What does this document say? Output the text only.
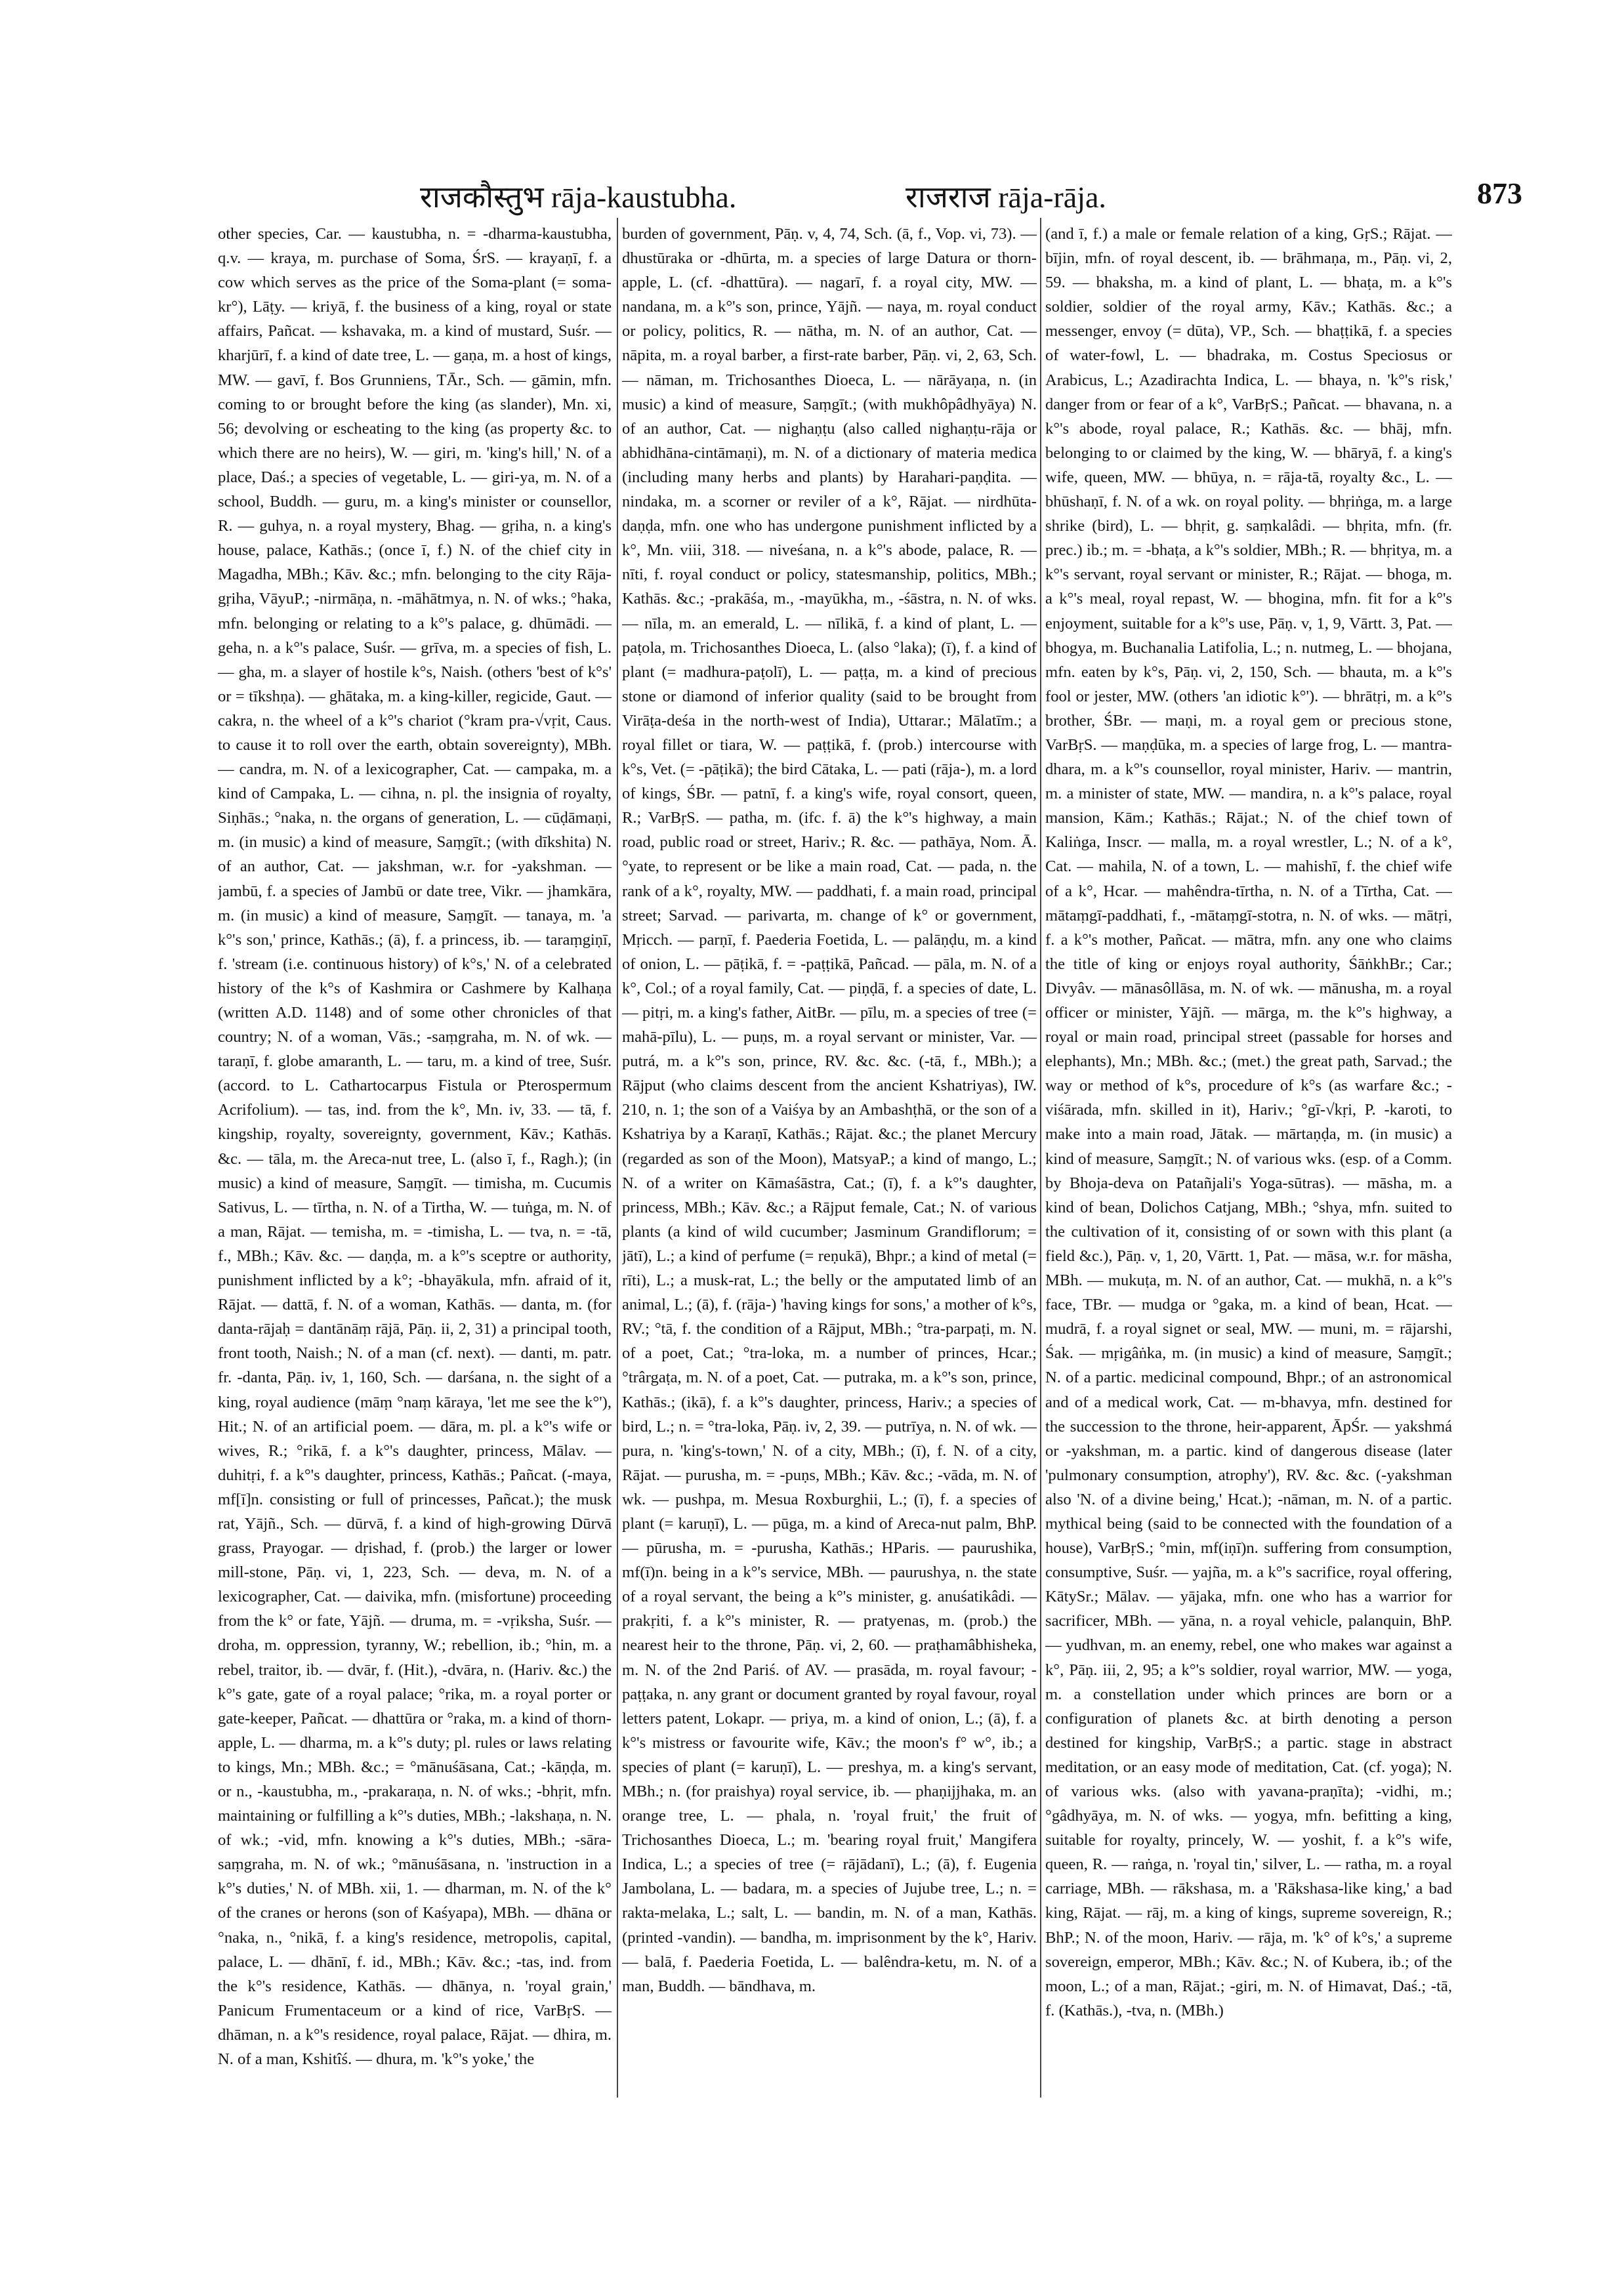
राजकौस्तुभ rāja-kaustubha.	राजराज rāja-rāja.	873
other species, Car. — kaustubha, n. = -dharma-kaustubha, q.v. — kraya, m. purchase of Soma, ŚrS. — krayaṇī, f. a cow which serves as the price of the Soma-plant (= soma-kr°), Lāṭy. — kriyā, f. the business of a king, royal or state affairs, Pañcat. — kshavaka, m. a kind of mustard, Suśr. — kharjūrī, f. a kind of date tree, L. — gaṇa, m. a host of kings, MW. — gavī, f. Bos Grunniens, TĀr., Sch. — gāmin, mfn. coming to or brought before the king (as slander), Mn. xi, 56; devolving or escheating to the king (as property &c. to which there are no heirs), W. — giri, m. 'king's hill,' N. of a place, Daś.; a species of vegetable, L. — giri-ya, m. N. of a school, Buddh. — guru, m. a king's minister or counsellor, R. — guhya, n. a royal mystery, Bhag. — gṛiha, n. a king's house, palace, Kathās.; (once ī, f.) N. of the chief city in Magadha, MBh.; Kāv. &c.; mfn. belonging to the city Rāja-gṛiha, VāyuP.; -nirmāṇa, n. -māhātmya, n. N. of wks.; °haka, mfn. belonging or relating to a k°'s palace, g. dhūmādi. — geha, n. a k°'s palace, Suśr. — grīva, m. a species of fish, L. — gha, m. a slayer of hostile k°s, Naish. (others 'best of k°s' or = tīkshṇa). — ghātaka, m. a king-killer, regicide, Gaut. — cakra, n. the wheel of a k°'s chariot (°kram pra-√vṛit, Caus. to cause it to roll over the earth, obtain sovereignty), MBh. — candra, m. N. of a lexicographer, Cat. — campaka, m. a kind of Campaka, L. — cihna, n. pl. the insignia of royalty, Siṇhās.; °naka, n. the organs of generation, L. — cūḍāmaṇi, m. (in music) a kind of measure, Saṃgīt.; (with dīkshita) N. of an author, Cat. — jakshman, w.r. for -yakshman. — jambū, f. a species of Jambū or date tree, Vikr. — jhamkāra, m. (in music) a kind of measure, Saṃgīt. — tanaya, m. 'a k°'s son,' prince, Kathās.; (ā), f. a princess, ib. — taraṃgiṇī, f. 'stream (i.e. continuous history) of k°s,' N. of a celebrated history of the k°s of Kashmira or Cashmere by Kalhaṇa (written A.D. 1148) and of some other chronicles of that country; N. of a woman, Vās.; -saṃgraha, m. N. of wk. — taraṇī, f. globe amaranth, L. — taru, m. a kind of tree, Suśr. (accord. to L. Cathartocarpus Fistula or Pterospermum Acrifolium). — tas, ind. from the k°, Mn. iv, 33. — tā, f. kingship, royalty, sovereignty, government, Kāv.; Kathās. &c. — tāla, m. the Areca-nut tree, L. (also ī, f., Ragh.); (in music) a kind of measure, Saṃgīt. — timisha, m. Cucumis Sativus, L. — tīrtha, n. N. of a Tirtha, W. — tuṅga, m. N. of a man, Rājat. — temisha, m. = -timisha, L. — tva, n. = -tā, f., MBh.; Kāv. &c. — daṇḍa, m. a k°'s sceptre or authority, punishment inflicted by a k°; -bhayākula, mfn. afraid of it, Rājat. — dattā, f. N. of a woman, Kathās. — danta, m. (for danta-rājaḥ = dantānāṃ rājā, Pāṇ. ii, 2, 31) a principal tooth, front tooth, Naish.; N. of a man (cf. next). — danti, m. patr. fr. -danta, Pāṇ. iv, 1, 160, Sch. — darśana, n. the sight of a king, royal audience (māṃ °naṃ kāraya, 'let me see the k°'), Hit.; N. of an artificial poem. — dāra, m. pl. a k°'s wife or wives, R.; °rikā, f. a k°'s daughter, princess, Mālav. — duhitṛi, f. a k°'s daughter, princess, Kathās.; Pañcat. (-maya, mf[ī]n. consisting or full of princesses, Pañcat.); the musk rat, Yājñ., Sch. — dūrvā, f. a kind of high-growing Dūrvā grass, Prayogar. — dṛishad, f. (prob.) the larger or lower mill-stone, Pāṇ. vi, 1, 223, Sch. — deva, m. N. of a lexicographer, Cat. — daivika, mfn. (misfortune) proceeding from the k° or fate, Yājñ. — druma, m. = -vṛiksha, Suśr. — droha, m. oppression, tyranny, W.; rebellion, ib.; °hin, m. a rebel, traitor, ib. — dvār, f. (Hit.), -dvāra, n. (Hariv. &c.) the k°'s gate, gate of a royal palace; °rika, m. a royal porter or gate-keeper, Pañcat. — dhattūra or °raka, m. a kind of thorn-apple, L. — dharma, m. a k°'s duty; pl. rules or laws relating to kings, Mn.; MBh. &c.; = °mānuśāsana, Cat.; -kāṇḍa, m. or n., -kaustubha, m., -prakaraṇa, n. N. of wks.; -bhṛit, mfn. maintaining or fulfilling a k°'s duties, MBh.; -lakshaṇa, n. N. of wk.; -vid, mfn. knowing a k°'s duties, MBh.; -sāra-saṃgraha, m. N. of wk.; °mānuśāsana, n. 'instruction in a k°'s duties,' N. of MBh. xii, 1. — dharman, m. N. of the k° of the cranes or herons (son of Kaśyapa), MBh. — dhāna or °naka, n., °nikā, f. a king's residence, metropolis, capital, palace, L. — dhānī, f. id., MBh.; Kāv. &c.; -tas, ind. from the k°'s residence, Kathās. — dhānya, n. 'royal grain,' Panicum Frumentaceum or a kind of rice, VarBṛS. — dhāman, n. a k°'s residence, royal palace, Rājat. — dhira, m. N. of a man, Kshitîś. — dhura, m. 'k°'s yoke,' the
burden of government, Pāṇ. v, 4, 74, Sch. (ā, f., Vop. vi, 73). — dhustūraka or -dhūrta, m. a species of large Datura or thorn-apple, L. (cf. -dhattūra). — nagarī, f. a royal city, MW. — nandana, m. a k°'s son, prince, Yājñ. — naya, m. royal conduct or policy, politics, R. — nātha, m. N. of an author, Cat. — nāpita, m. a royal barber, a first-rate barber, Pāṇ. vi, 2, 63, Sch. — nāman, m. Trichosanthes Dioeca, L. — nārāyaṇa, n. (in music) a kind of measure, Saṃgīt.; (with mukhôpâdhyāya) N. of an author, Cat. — nighaṇṭu (also called nighaṇṭu-rāja or abhidhāna-cintāmaṇi), m. N. of a dictionary of materia medica (including many herbs and plants) by Harahari-paṇḍita. — nindaka, m. a scorner or reviler of a k°, Rājat. — nirdhūta-daṇḍa, mfn. one who has undergone punishment inflicted by a k°, Mn. viii, 318. — niveśana, n. a k°'s abode, palace, R. — nīti, f. royal conduct or policy, statesmanship, politics, MBh.; Kathās. &c.; -prakāśa, m., -mayūkha, m., -śāstra, n. N. of wks. — nīla, m. an emerald, L. — nīlikā, f. a kind of plant, L. — paṭola, m. Trichosanthes Dioeca, L. (also °laka); (ī), f. a kind of plant (= madhura-paṭolī), L. — paṭṭa, m. a kind of precious stone or diamond of inferior quality (said to be brought from Virāṭa-deśa in the north-west of India), Uttarar.; Mālatīm.; a royal fillet or tiara, W. — paṭṭikā, f. (prob.) intercourse with k°s, Vet. (= -pāṭikā); the bird Cātaka, L. — pati (rāja-), m. a lord of kings, ŚBr. — patnī, f. a king's wife, royal consort, queen, R.; VarBṛS. — patha, m. (ifc. f. ā) the k°'s highway, a main road, public road or street, Hariv.; R. &c. — pathāya, Nom. Ā. °yate, to represent or be like a main road, Cat. — pada, n. the rank of a k°, royalty, MW. — paddhati, f. a main road, principal street; Sarvad. — parivarta, m. change of k° or government, Mṛicch. — parṇī, f. Paederia Foetida, L. — palāṇḍu, m. a kind of onion, L. — pāṭikā, f. = -paṭṭikā, Pañcad. — pāla, m. N. of a k°, Col.; of a royal family, Cat. — piṇḍā, f. a species of date, L. — pitṛi, m. a king's father, AitBr. — pīlu, m. a species of tree (= mahā-pīlu), L. — puṇs, m. a royal servant or minister, Var. — putrá, m. a k°'s son, prince, RV. &c. &c. (-tā, f., MBh.); a Rājput (who claims descent from the ancient Kshatriyas), IW. 210, n. 1; the son of a Vaiśya by an Ambashṭhā, or the son of a Kshatriya by a Karaṇī, Kathās.; Rājat. &c.; the planet Mercury (regarded as son of the Moon), MatsyaP.; a kind of mango, L.; N. of a writer on Kāmaśāstra, Cat.; (ī), f. a k°'s daughter, princess, MBh.; Kāv. &c.; a Rājput female, Cat.; N. of various plants (a kind of wild cucumber; Jasminum Grandiflorum; = jātī), L.; a kind of perfume (= reṇukā), Bhpr.; a kind of metal (= rīti), L.; a musk-rat, L.; the belly or the amputated limb of an animal, L.; (ā), f. (rāja-) 'having kings for sons,' a mother of k°s, RV.; °tā, f. the condition of a Rājput, MBh.; °tra-parpaṭi, m. N. of a poet, Cat.; °tra-loka, m. a number of princes, Hcar.; °trârgaṭa, m. N. of a poet, Cat. — putraka, m. a k°'s son, prince, Kathās.; (ikā), f. a k°'s daughter, princess, Hariv.; a species of bird, L.; n. = °tra-loka, Pāṇ. iv, 2, 39. — putrīya, n. N. of wk. — pura, n. 'king's-town,' N. of a city, MBh.; (ī), f. N. of a city, Rājat. — purusha, m. = -puṇs, MBh.; Kāv. &c.; -vāda, m. N. of wk. — pushpa, m. Mesua Roxburghii, L.; (ī), f. a species of plant (= karuṇī), L. — pūga, m. a kind of Areca-nut palm, BhP. — pūrusha, m. = -purusha, Kathās.; HParis. — paurushika, mf(ī)n. being in a k°'s service, MBh. — paurushya, n. the state of a royal servant, the being a k°'s minister, g. anuśatikâdi. — prakṛiti, f. a k°'s minister, R. — pratyenas, m. (prob.) the nearest heir to the throne, Pāṇ. vi, 2, 60. — praṭhamâbhisheka, m. N. of the 2nd Pariś. of AV. — prasāda, m. royal favour; -paṭṭaka, n. any grant or document granted by royal favour, royal letters patent, Lokapr. — priya, m. a kind of onion, L.; (ā), f. a k°'s mistress or favourite wife, Kāv.; the moon's f° w°, ib.; a species of plant (= karuṇī), L. — preshya, m. a king's servant, MBh.; n. (for praishya) royal service, ib. — phaṇijjhaka, m. an orange tree, L. — phala, n. 'royal fruit,' the fruit of Trichosanthes Dioeca, L.; m. 'bearing royal fruit,' Mangifera Indica, L.; a species of tree (= rājādanī), L.; (ā), f. Eugenia Jambolana, L. — badara, m. a species of Jujube tree, L.; n. = rakta-melaka, L.; salt, L. — bandin, m. N. of a man, Kathās. (printed -vandin). — bandha, m. imprisonment by the k°, Hariv. — balā, f. Paederia Foetida, L. — balêndra-ketu, m. N. of a man, Buddh. — bāndhava, m.
(and ī, f.) a male or female relation of a king, GṛS.; Rājat. — bījin, mfn. of royal descent, ib. — brāhmaṇa, m., Pāṇ. vi, 2, 59. — bhaksha, m. a kind of plant, L. — bhaṭa, m. a k°'s soldier, soldier of the royal army, Kāv.; Kathās. &c.; a messenger, envoy (= dūta), VP., Sch. — bhaṭṭikā, f. a species of water-fowl, L. — bhadraka, m. Costus Speciosus or Arabicus, L.; Azadirachta Indica, L. — bhaya, n. 'k°'s risk,' danger from or fear of a k°, VarBṛS.; Pañcat. — bhavana, n. a k°'s abode, royal palace, R.; Kathās. &c. — bhāj, mfn. belonging to or claimed by the king, W. — bhāryā, f. a king's wife, queen, MW. — bhūya, n. = rāja-tā, royalty &c., L. — bhūshaṇī, f. N. of a wk. on royal polity. — bhṛiṅga, m. a large shrike (bird), L. — bhṛit, g. saṃkalâdi. — bhṛita, mfn. (fr. prec.) ib.; m. = -bhaṭa, a k°'s soldier, MBh.; R. — bhṛitya, m. a k°'s servant, royal servant or minister, R.; Rājat. — bhoga, m. a k°'s meal, royal repast, W. — bhogina, mfn. fit for a k°'s enjoyment, suitable for a k°'s use, Pāṇ. v, 1, 9, Vārtt. 3, Pat. — bhogya, m. Buchanalia Latifolia, L.; n. nutmeg, L. — bhojana, mfn. eaten by k°s, Pāṇ. vi, 2, 150, Sch. — bhauta, m. a k°'s fool or jester, MW. (others 'an idiotic k°'). — bhrātṛi, m. a k°'s brother, ŚBr. — maṇi, m. a royal gem or precious stone, VarBṛS. — maṇḍūka, m. a species of large frog, L. — mantra-dhara, m. a k°'s counsellor, royal minister, Hariv. — mantrin, m. a minister of state, MW. — mandira, n. a k°'s palace, royal mansion, Kām.; Kathās.; Rājat.; N. of the chief town of Kaliṅga, Inscr. — malla, m. a royal wrestler, L.; N. of a k°, Cat. — mahila, N. of a town, L. — mahishī, f. the chief wife of a k°, Hcar. — mahêndra-tīrtha, n. N. of a Tīrtha, Cat. — mātaṃgī-paddhati, f., -mātaṃgī-stotra, n. N. of wks. — mātṛi, f. a k°'s mother, Pañcat. — mātra, mfn. any one who claims the title of king or enjoys royal authority, ŚāṅkhBr.; Car.; Divyâv. — mānasôllāsa, m. N. of wk. — mānusha, m. a royal officer or minister, Yājñ. — mārga, m. the k°'s highway, a royal or main road, principal street (passable for horses and elephants), Mn.; MBh. &c.; (met.) the great path, Sarvad.; the way or method of k°s, procedure of k°s (as warfare &c.; -viśārada, mfn. skilled in it), Hariv.; °gī-√kṛi, P. -karoti, to make into a main road, Jātak. — mārtaṇḍa, m. (in music) a kind of measure, Saṃgīt.; N. of various wks. (esp. of a Comm. by Bhoja-deva on Patañjali's Yoga-sūtras). — māsha, m. a kind of bean, Dolichos Catjang, MBh.; °shya, mfn. suited to the cultivation of it, consisting of or sown with this plant (a field &c.), Pāṇ. v, 1, 20, Vārtt. 1, Pat. — māsa, w.r. for māsha, MBh. — mukuṭa, m. N. of an author, Cat. — mukhā, n. a k°'s face, TBr. — mudga or °gaka, m. a kind of bean, Hcat. — mudrā, f. a royal signet or seal, MW. — muni, m. = rājarshi, Śak. — mṛigâṅka, m. (in music) a kind of measure, Saṃgīt.; N. of a partic. medicinal compound, Bhpr.; of an astronomical and of a medical work, Cat. — m-bhavya, mfn. destined for the succession to the throne, heir-apparent, ĀpŚr. — yakshmá or -yakshman, m. a partic. kind of dangerous disease (later 'pulmonary consumption, atrophy'), RV. &c. &c. (-yakshman also 'N. of a divine being,' Hcat.); -nāman, m. N. of a partic. mythical being (said to be connected with the foundation of a house), VarBṛS.; °min, mf(iṇī)n. suffering from consumption, consumptive, Suśr. — yajña, m. a k°'s sacrifice, royal offering, KātySr.; Mālav. — yājaka, mfn. one who has a warrior for sacrificer, MBh. — yāna, n. a royal vehicle, palanquin, BhP. — yudhvan, m. an enemy, rebel, one who makes war against a k°, Pāṇ. iii, 2, 95; a k°'s soldier, royal warrior, MW. — yoga, m. a constellation under which princes are born or a configuration of planets &c. at birth denoting a person destined for kingship, VarBṛS.; a partic. stage in abstract meditation, or an easy mode of meditation, Cat. (cf. yoga); N. of various wks. (also with yavana-praṇīta); -vidhi, m.; °gâdhyāya, m. N. of wks. — yogya, mfn. befitting a king, suitable for royalty, princely, W. — yoshit, f. a k°'s wife, queen, R. — raṅga, n. 'royal tin,' silver, L. — ratha, m. a royal carriage, MBh. — rākshasa, m. a 'Rākshasa-like king,' a bad king, Rājat. — rāj, m. a king of kings, supreme sovereign, R.; BhP.; N. of the moon, Hariv. — rāja, m. 'k° of k°s,' a supreme sovereign, emperor, MBh.; Kāv. &c.; N. of Kubera, ib.; of the moon, L.; of a man, Rājat.; -giri, m. N. of Himavat, Daś.; -tā, f. (Kathās.), -tva, n. (MBh.)
